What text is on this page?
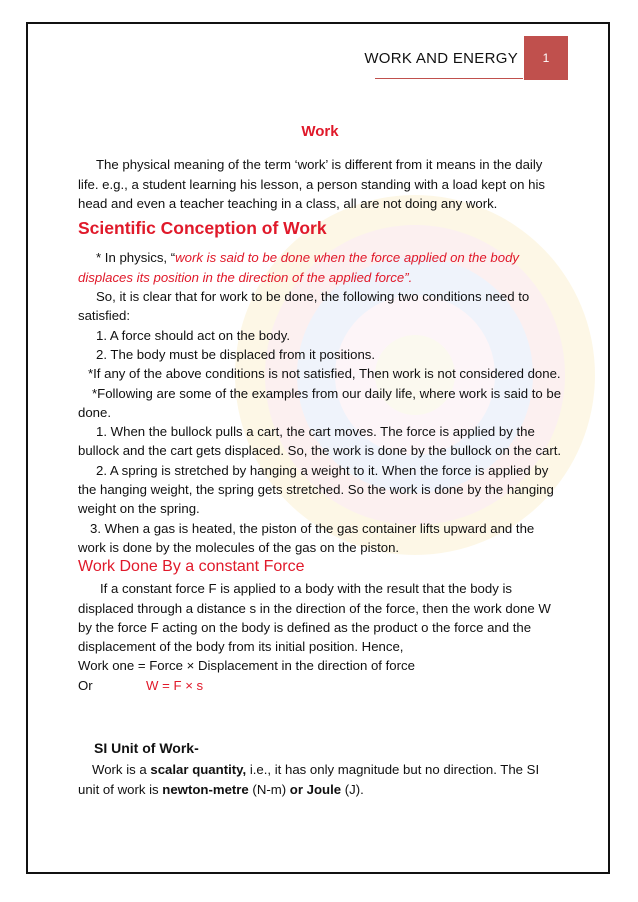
WORK AND ENERGY	1
Work

The physical meaning of the term ‘work’ is different from it means in the daily life. e.g., a student learning his lesson, a person standing with a load kept on his head and even a teacher teaching in a class, all are not doing any work.

Scientific Conception of Work

* In physics, “work is said to be done when the force applied on the body displaces its position in the direction of the applied force”.

So, it is clear that for work to be done, the following two conditions need to satisfied:

1. A force should act on the body.

2. The body must be displaced from it positions.

*If any of the above conditions is not satisfied, Then work is not considered done.

*Following are some of the examples from our daily life, where work is said to be done.

1. When the bullock pulls a cart, the cart moves. The force is applied by the bullock and the cart gets displaced. So, the work is done by the bullock on the cart.

2. A spring is stretched by hanging a weight to it. When the force is applied by the hanging weight, the spring gets stretched. So the work is done by the hanging weight on the spring.

3. When a gas is heated, the piston of the gas container lifts upward and the work is done by the molecules of the gas on the piston.

Work Done By a constant Force

If a constant force F is applied to a body with the result that the body is displaced through a distance s in the direction of the force, then the work done W by the force F acting on the body is defined as the product o the force and the displacement of the body from its initial position. Hence,

Work one = Force × Displacement in the direction of force

Or	W = F × s

SI Unit of Work-

Work is a scalar quantity, i.e., it has only magnitude but no direction. The SI unit of work is newton-metre (N-m) or Joule (J).
